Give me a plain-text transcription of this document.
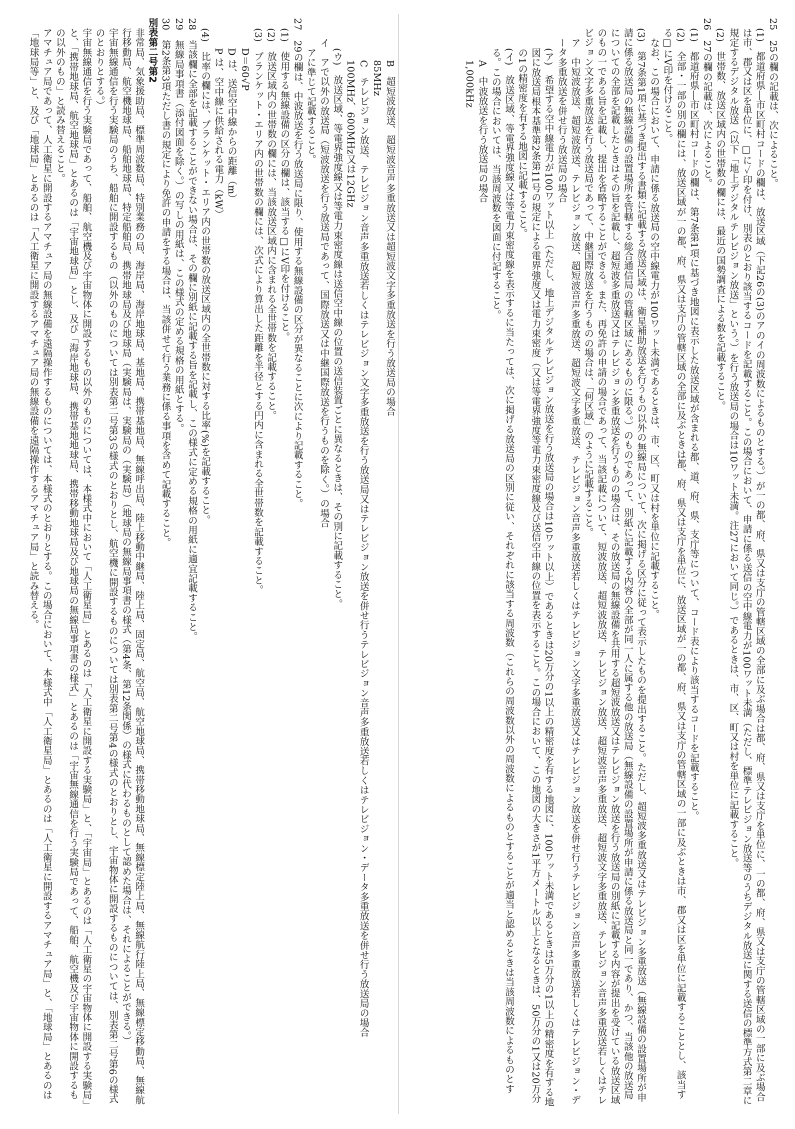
25　25の欄の記載は、次によること。
(1)　都道府県―市区町村コードの欄は、放送区域（下記26の(3)のアのイの周波数によるものとする。）が一の都、府、県又は支庁の管轄区域の全部に及ぶ場合は都、府、県又は支庁を単位に、一の都、府、県又は支庁の管轄区域の一部に及ぶ場合は市、郡又は区を単位に、□に✓印を付け、別表のとおり該当するコードを記載すること。この場合において、申請に係る送信の空中線電力が100ワット未満（ただし、標準テレビジョン放送等のうちデジタル放送に関する送信の標準方式第二章に規定するデジタル放送（以下「地上デジタルテレビジョン放送」という。）を行う放送局の場合は10ワット未満。注27において同じ。）であるときは、市、区、町又は村を単位に記載すること。
(2)　世帯数、放送区域内の世帯数の欄には、最近の国勢調査による数を記載すること。
26　27の欄の記載は、次によること。
(1)　都道府県―市区町村コードの欄は、第7条第1項に基づき地図に表示した放送区域が含まれる都、道、府、県、支庁等について、コード表により該当するコードを記載すること。
(2)　全部・一部の別の欄には、放送区域が一の都、府、県又は支庁の管轄区域の全部に及ぶときは都、府、県又は支庁を単位に、放送区域が一の都、府、県又は支庁の管轄区域の一部に及ぶときは市、郡又は区を単位に記載することとし、該当する□にV印を付けること。
なお、この場合において、申請に係る放送局の空中線電力が100ワット未満であるときは、市、区、町又は村を単位に記載すること。
(3)　第7条第1項に基づき提出する書類に記載する放送区域は、衛星補助放送を行うもの以外の無線局について、次に掲げる区分に従って表示したものを提出すること。ただし、超短波多重放送又はテレビジョン多重放送（無線設備の設置場所が申請に係る放送局の無線設備の設置場所を管轄する総合通信局の管轄区域にあるものに限る。）のものであって、別紙に記載する内容の全部が同一人に属する他の放送局（無線設備の設置場所が申請に係る放送局と同一であり、かつ、当該他の放送局についての全部を記載したときはその旨を記載し、超短波多重放送又はテレビジョン多重放送を行うものの場合は、その放送局の無線設備を共用する超短波放送又はテレビジョン放送を行う放送局の別紙に記載する内容が提出を受けている放送区域のもの一である旨を記載し、提出を省略することができる。また、再免許の申請の場合であって、当該記載について、短波放送、超短波放送、テレビジョン放送、超短波音声多重放送、超短波文字多重放送、テレビジョン音声多重放送若しくはテレビジョン文字多重放送を行う放送局であって、中継国際放送を行うものの場合は、「何区域」のように記載すること。
ア　中短波放送、超短波放送、テレビジョン放送、超短波音声多重放送、超短波文字多重放送、テレビジョン音声多重放送若しくはテレビジョン文字多重放送又はテレビジョン放送を併せ行うテレビジョン音声多重放送若しくはテレビジョン・データ多重放送を併せ行う放送局の場合
(ア)　希望する空中線電力が100ワット以上（ただし、地上デジタルテレビジョン放送を行う放送局の場合は10ワット以上）であるときは20万分の1以上の精密度を有する地図に、100ワット未満であるときは5万分の1以上の精密度を有する地図に放送局根本基準第2条第11号の規定による電界強度又は電力束密度（又は等電界強度等電力束密度線及び送信空中線の位置を表示すること。この場合において、この地図の大きさが1平方メートル以上となるときは、50万分の1又は20万分の1の精密度を有する地図に記載すること。
(イ)　放送区域、等電界強度線又は等電力束密度線を表示するに当たっては、次に掲げる放送局の区別に従い、それぞれに該当する周波数（これらの周波数以外の周波数によるものとすることが適当と認めるときは当該周波数によるものとする。この場合においては、当該周波数を図面に付記すること。
A　中波放送を行う放送局の場合
1,000kHz
B　超短波放送、超短波音声多重放送又は超短波文字多重放送を行う放送局の場合
85MHz
C　テレビジョン放送、テレビジョン音声多重放送若しくはテレビジョン文字多重放送を行う放送局又はテレビジョン放送を併せ行うテレビジョン音声多重放送若しくはテレビジョン・データ多重放送を併せ行う放送局の場合
100MHz、600MHz又は12GHz
(ウ)　放送区域、等電界強度線又は等電力束密度線は送信空中線の位置の送信装置ごとに異なるときは、その別に記載すること。
イ　アで以外の放送局（短波放送を行う放送局であって、国際放送又は中継国際放送を行うものを除く。）の場合
アに準じて記載すること。
27　29の欄は、中波放送を行う放送局に限り、使用する無線設備の区分が異なることに次により記載すること。
(1)　使用する無線設備の区分の欄は、該当する□にV印を付けること。
(2)　放送区域内の世帯数の欄には、当該放送区域内に含まれる全世帯数を記載すること。
(3)　ブランケット・エリア内の世帯数の欄には、次式により算出した距離を半径とする円内に含まれる全世帯数を記載すること。
D＝60√P
D は、送信空中線からの距離（m）
P は、空中線に供給される電力（kW）
(4)　比率の欄には、ブランケット・エリア内の世帯数の放送区域内の全世帯数に対する比率(%)を記載すること。
28　当該欄に全部を記載することができない場合は、その欄に別紙に記載する旨を記載し、この様式に定める規格の用紙に適宜記載すること。
29　無線局事項書（添付図面を除く。）の写しの用紙は、この様式の定める規格の用紙とする。
30　第2条第3項ただし書の規定により免許の申請をする場合は、当該併せて行う業務に係る事項を含めて記載すること。
別表第二号第2
非常局、気象援助局、標準周波数局、特別業務の局、海岸局、海岸地球局、基地局、携帯基地局、無線呼出局、陸上移動中継局、陸上局、固定局、航空局、航空地球局、携帯移動地球局、無線標定陸上局、無線航行陸上局、無線標定移動局、無線航行移動局、航空機地球局、船舶地球局、特定船舶局、携帯地球局及び地球局（実験局は、実験局の（実験局）（地球局の無線局事項書の様式（第4条、第12条関係）の様式に代わるものとして認めた場合は、それによることができる。）
宇宙無線通信を行う実験局のうち、船舶に開設するもの（以外のものについては別表第二号第3の様式のとおりとし、航空機に開設するものについては別表第二号第4の様式のとおりとし、宇宙物体に開設するものについては、別表第二号第6の様式のとおりとする。）
宇宙無線通信を行う実験局であって、船舶、航空機及び宇宙物体に開設するもの以外のものについては、本様式中において「人工衛星局」とあるのは「人工衛星に開設する実験局」と、「宇宙局」とあるのは「人工衛星の宇宙物体に開設する実験局」と、「携帯地球局、航空地球局」とあるのは「宇宙地球局」とし、及び「海岸地球局、携帯基地地球局、携帯移動地球局及び地球局の無線局事項書の様式」とあるのは「宇宙無線通信を行う実験局であって、船舶、航空機及び宇宙物体に開設するもの以外のもの」と読み替えること。
アマチュア局であって、人工衛星に開設するアマチュア局の無線設備を遠隔操作するものについては、本様式のとおりとする。この場合において、本様式中「人工衛星局」とあるのは「人工衛星に開設するアマチュア局」と、「地球局」とあるのは「地球局等」と、及び「地球局」とあるのは「人工衛星に開設するアマチュア局の無線設備を遠隔操作するアマチュア局」と読み替える。
